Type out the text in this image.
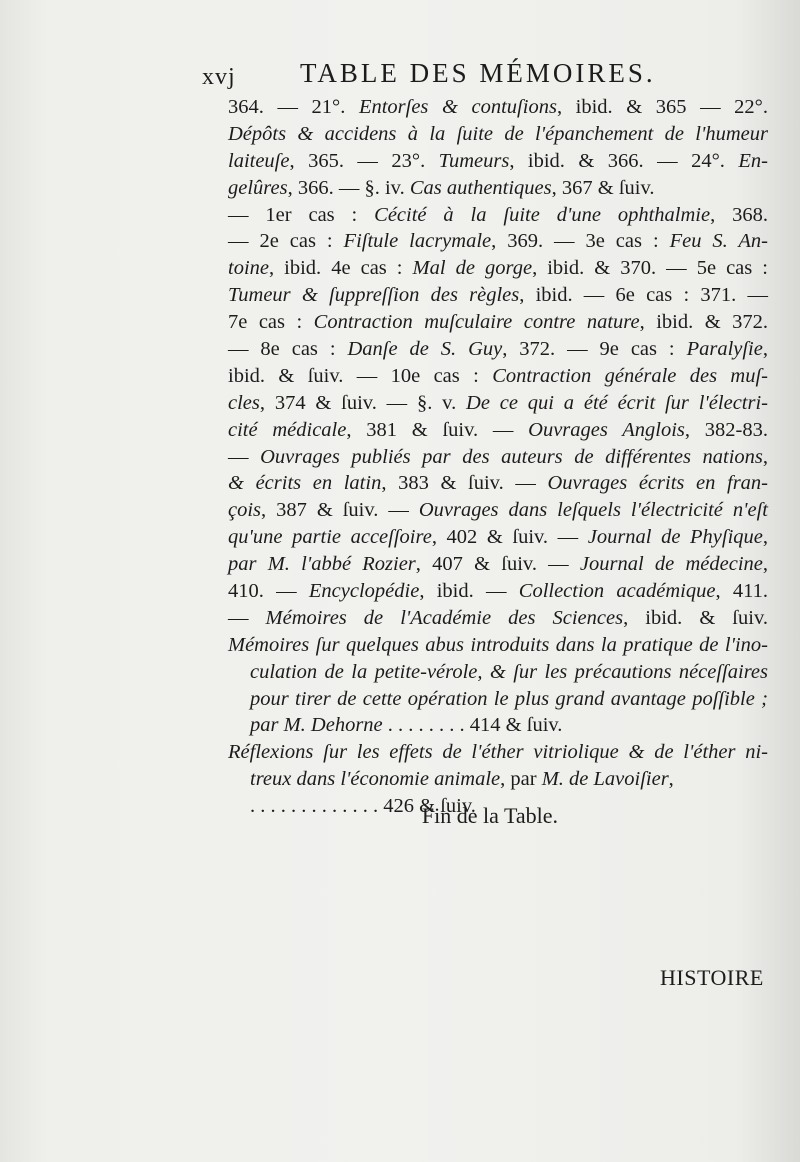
xvj TABLE DES MÉMOIRES.
364. — 21°. Entorſes & contuſions, ibid. & 365 — 22°.
Dépôts & accidens à la ſuite de l'épanchement de l'humeur
laiteuſe, 365. — 23°. Tumeurs, ibid. & 366. — 24°. En-
gelûres, 366. — §. iv. Cas authentiques, 367 & ſuiv.
— 1er cas : Cécité à la ſuite d'une ophthalmie, 368.
— 2e cas : Fiſtule lacrymale, 369. — 3e cas : Feu S. An-
toine, ibid. 4e cas : Mal de gorge, ibid. & 370. — 5e cas :
Tumeur & ſuppreſſion des règles, ibid. — 6e cas : 371. —
7e cas : Contraction muſculaire contre nature, ibid. & 372.
— 8e cas : Danſe de S. Guy, 372. — 9e cas : Paralyſie,
ibid. & ſuiv. — 10e cas : Contraction générale des muſ-
cles, 374 & ſuiv. — §. v. De ce qui a été écrit ſur l'électri-
cité médicale, 381 & ſuiv. — Ouvrages Anglois, 382-83.
— Ouvrages publiés par des auteurs de différentes nations,
& écrits en latin, 383 & ſuiv. — Ouvrages écrits en fran-
çois, 387 & ſuiv. — Ouvrages dans leſquels l'électricité n'eſt
qu'une partie acceſſoire, 402 & ſuiv. — Journal de Phyſique,
par M. l'abbé Rozier, 407 & ſuiv. — Journal de médecine,
410. — Encyclopédie, ibid. — Collection académique, 411.
— Mémoires de l'Académie des Sciences, ibid. & ſuiv.
Mémoires ſur quelques abus introduits dans la pratique de l'ino-
culation de la petite-vérole, & ſur les précautions néceſſaires
pour tirer de cette opération le plus grand avantage poſſible ;
par M. Dehorne . . . . . . . . 414 & ſuiv.
Réflexions ſur les effets de l'éther vitriolique & de l'éther ni-
treux dans l'économie animale, par M. de Lavoiſier,
. . . . . . . . . . . . . 426 & ſuiv.
Fin de la Table.
HISTOIRE
